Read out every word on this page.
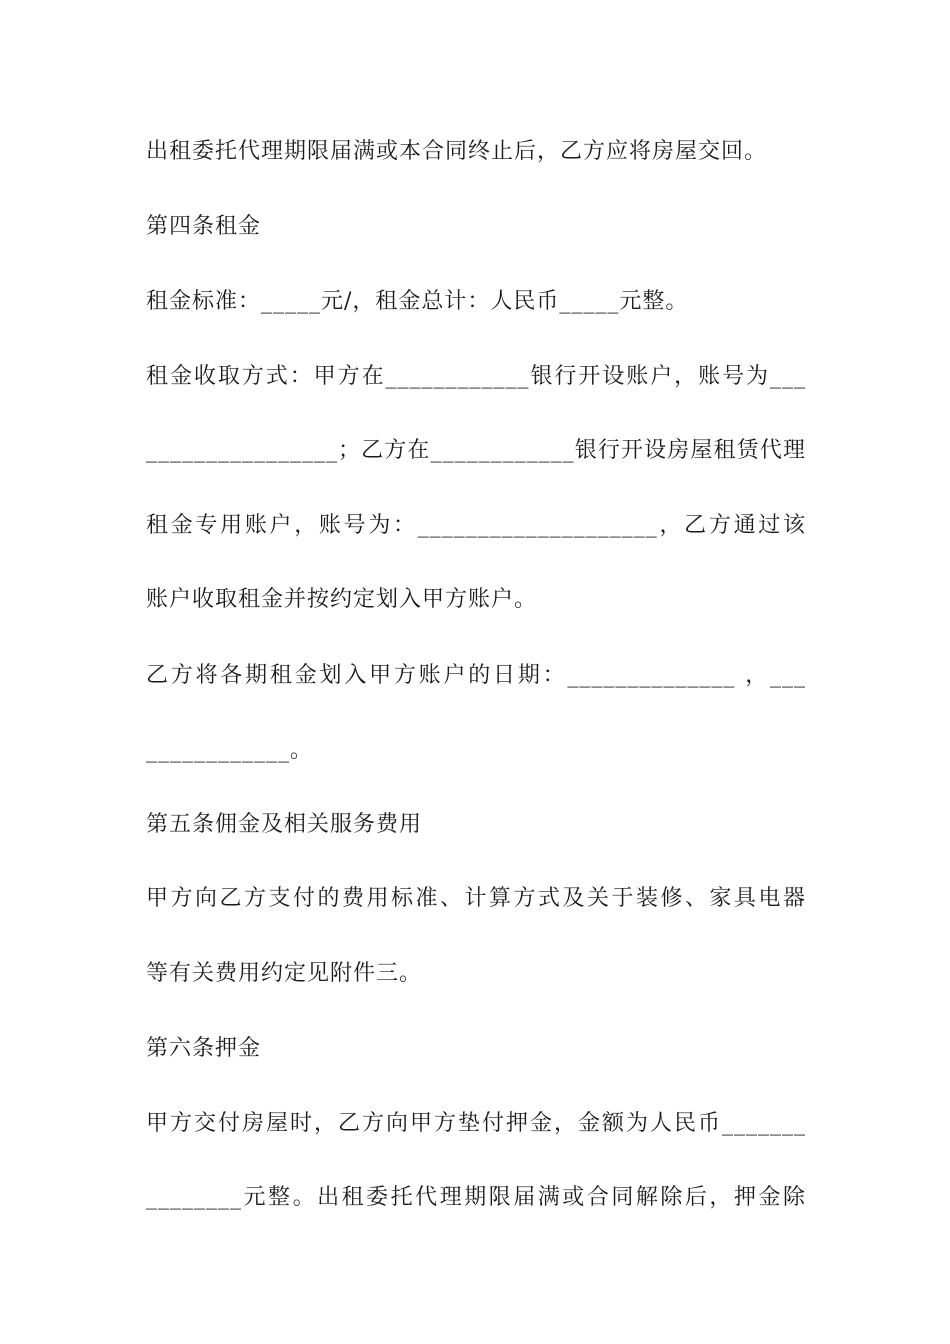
出租委托代理期限届满或本合同终止后，乙方应将房屋交回。
第四条租金
租金标准：_____元/，租金总计：人民币_____元整。
租金收取方式：甲方在____________银行开设账户，账号为___
________________；乙方在____________银行开设房屋租赁代理
租金专用账户，账号为：____________________，乙方通过该
账户收取租金并按约定划入甲方账户。
乙方将各期租金划入甲方账户的日期：______________ ，___
____________。
第五条佣金及相关服务费用
甲方向乙方支付的费用标准、计算方式及关于装修、家具电器
等有关费用约定见附件三。
第六条押金
甲方交付房屋时，乙方向甲方垫付押金，金额为人民币_______
________元整。出租委托代理期限届满或合同解除后，押金除
